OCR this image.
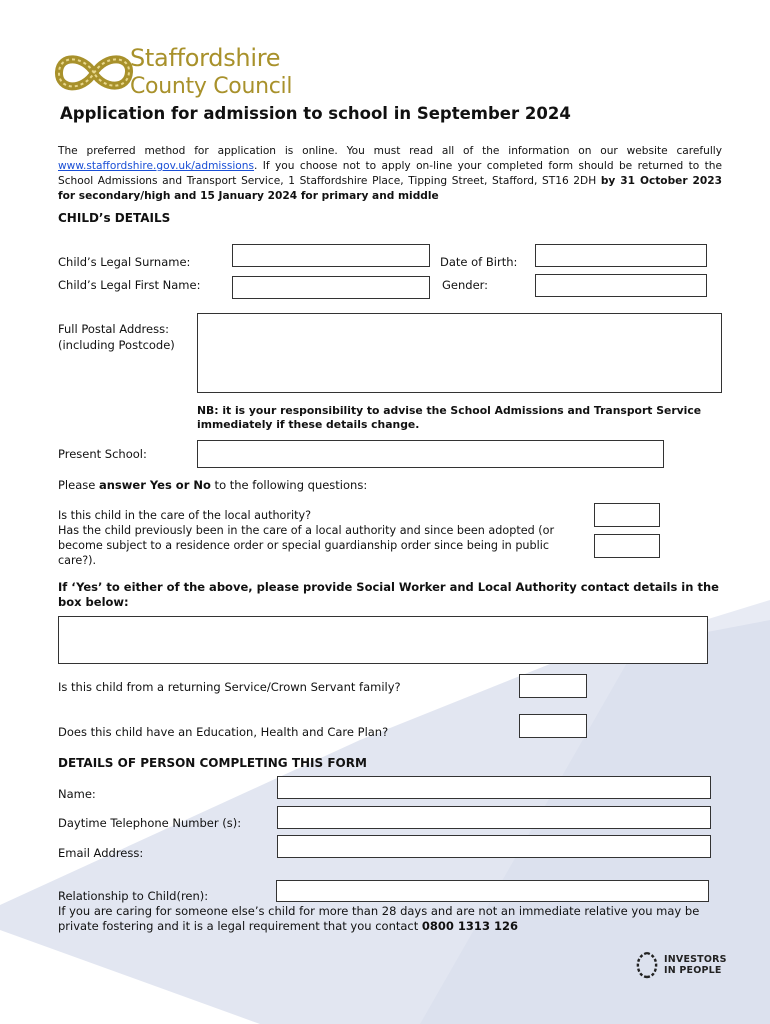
Staffordshire
County Council
Application for admission to school in September 2024
The preferred method for application is online. You must read all of the information on our website carefully www.staffordshire.gov.uk/admissions. If you choose not to apply on-line your completed form should be returned to the School Admissions and Transport Service, 1 Staffordshire Place, Tipping Street, Stafford, ST16 2DH by 31 October 2023 for secondary/high and 15 January 2024 for primary and middle
CHILD’s DETAILS
Child’s Legal Surname:	Date of Birth:
Child’s Legal First Name:	Gender:
Full Postal Address:
(including Postcode)
NB: it is your responsibility to advise the School Admissions and Transport Service immediately if these details change.
Present School:
Please answer Yes or No to the following questions:
Is this child in the care of the local authority?
Has the child previously been in the care of a local authority and since been adopted (or become subject to a residence order or special guardianship order since being in public care?).
If ‘Yes’ to either of the above, please provide Social Worker and Local Authority contact details in the box below:
Is this child from a returning Service/Crown Servant family?
Does this child have an Education, Health and Care Plan?
DETAILS OF PERSON COMPLETING THIS FORM
Name:
Daytime Telephone Number (s):
Email Address:
Relationship to Child(ren):
If you are caring for someone else’s child for more than 28 days and are not an immediate relative you may be private fostering and it is a legal requirement that you contact 0800 1313 126
INVESTORS
IN PEOPLE
